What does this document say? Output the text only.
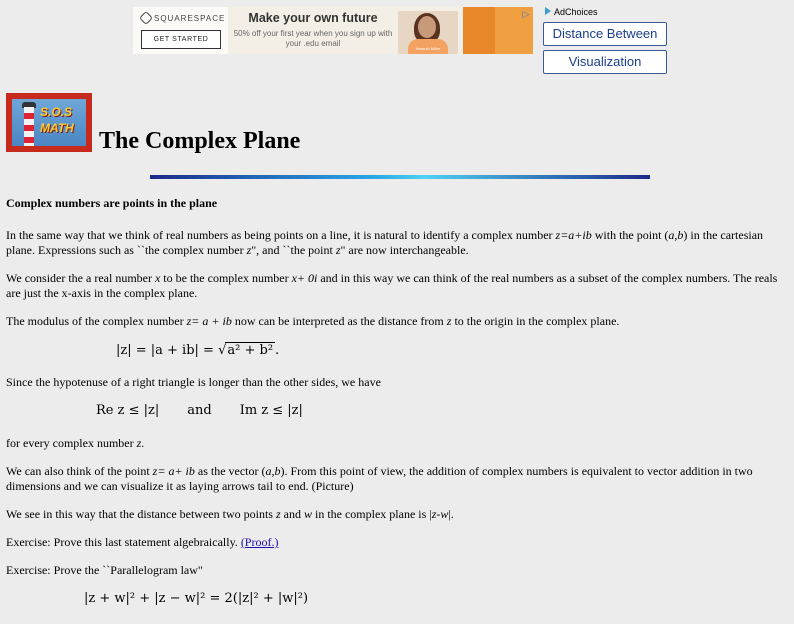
SQUARESPACE
GET STARTED
Make your own future
50% off your first year when you sign up with your .edu email
Hannah Miller
▷	AdChoices
Distance Between
Visualization
S.O.S
MATH The Complex Plane

Complex numbers are points in the plane

In the same way that we think of real numbers as being points on a line, it is natural to identify a complex number z=a+ib with the point (a,b) in the cartesian plane. Expressions such as ``the complex number z", and ``the point z" are now interchangeable.

We consider the a real number x to be the complex number x+ 0i and in this way we can think of the real numbers as a subset of the complex numbers. The reals are just the x-axis in the complex plane.

The modulus of the complex number z= a + ib now can be interpreted as the distance from z to the origin in the complex plane.

|z| = |a + ib| = √a² + b² .

Since the hypotenuse of a right triangle is longer than the other sides, we have

Re z ≤ |z| and Im z ≤ |z|

for every complex number z.

We can also think of the point z= a+ ib as the vector (a,b). From this point of view, the addition of complex numbers is equivalent to vector addition in two dimensions and we can visualize it as laying arrows tail to end. (Picture)

We see in this way that the distance between two points z and w in the complex plane is |z-w|.

Exercise: Prove this last statement algebraically. (Proof.)

Exercise: Prove the ``Parallelogram law"

|z + w|² + |z − w|² = 2(|z|² + |w|²)
